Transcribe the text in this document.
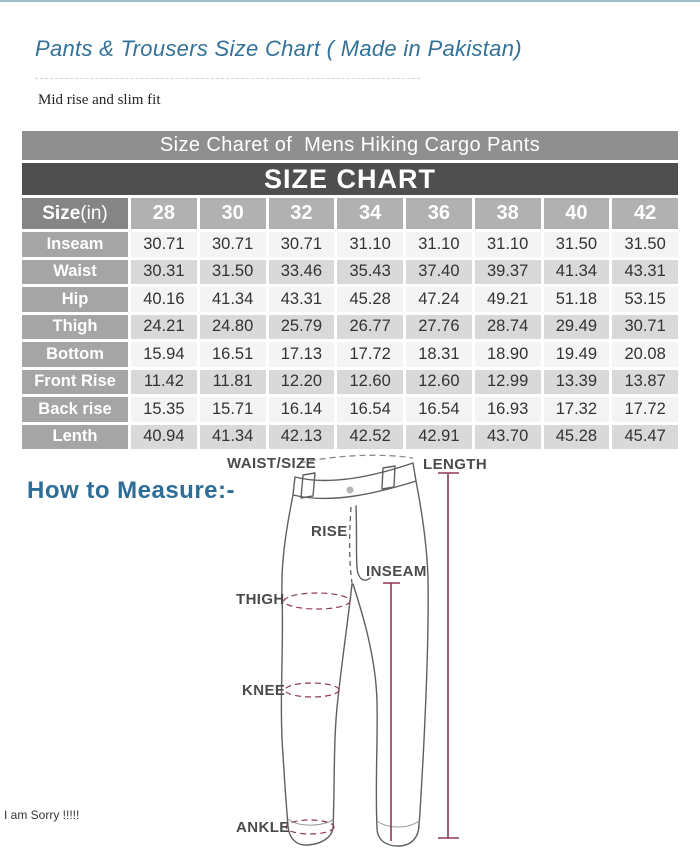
Pants & Trousers Size Chart ( Made in Pakistan)
Mid rise and slim fit
Size Charet of  Mens Hiking Cargo Pants
SIZE CHART
Size (in)	28	30	32	34	36	38	40	42
Inseam	30.71	30.71	30.71	31.10	31.10	31.10	31.50	31.50
Waist	30.31	31.50	33.46	35.43	37.40	39.37	41.34	43.31
Hip	40.16	41.34	43.31	45.28	47.24	49.21	51.18	53.15
Thigh	24.21	24.80	25.79	26.77	27.76	28.74	29.49	30.71
Bottom	15.94	16.51	17.13	17.72	18.31	18.90	19.49	20.08
Front Rise	11.42	11.81	12.20	12.60	12.60	12.99	13.39	13.87
Back rise	15.35	15.71	16.14	16.54	16.54	16.93	17.32	17.72
Lenth	40.94	41.34	42.13	42.52	42.91	43.70	45.28	45.47
How to Measure:-
WAIST/SIZE	LENGTH
RISE
INSEAM
THIGH
KNEE
ANKLE
I am Sorry !!!!!
